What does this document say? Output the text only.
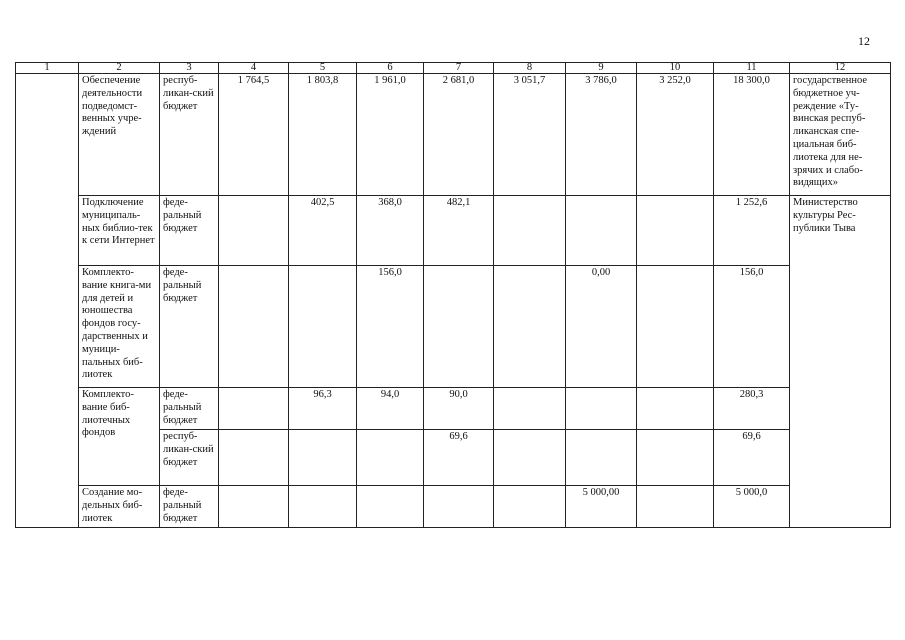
12
1	2	3	4	5	6	7	8	9	10	11	12
	Обеспечение деятельности подведомст-венных учре-ждений	респуб-ликан-ский бюджет	1 764,5	1 803,8	1 961,0	2 681,0	3 051,7	3 786,0	3 252,0	18 300,0	государственное бюджетное уч-реждение «Ту-винская респуб-ликанская спе-циальная биб-лиотека для не-зрячих и слабо-видящих»
	Подключение муниципаль-ных библио-тек к сети Интернет	феде-ральный бюджет		402,5	368,0	482,1				1 252,6	Министерство культуры Рес-публики Тыва
	Комплекто-вание книга-ми для детей и юношества фондов госу-дарственных и муници-пальных биб-лиотек	феде-ральный бюджет			156,0			0,00		156,0	
	Комплекто-вание биб-лиотечных фондов	феде-ральный бюджет		96,3	94,0	90,0				280,3	
		респуб-ликан-ский бюджет				69,6				69,6	
	Создание мо-дельных биб-лиотек	феде-ральный бюджет						5 000,00		5 000,0	
